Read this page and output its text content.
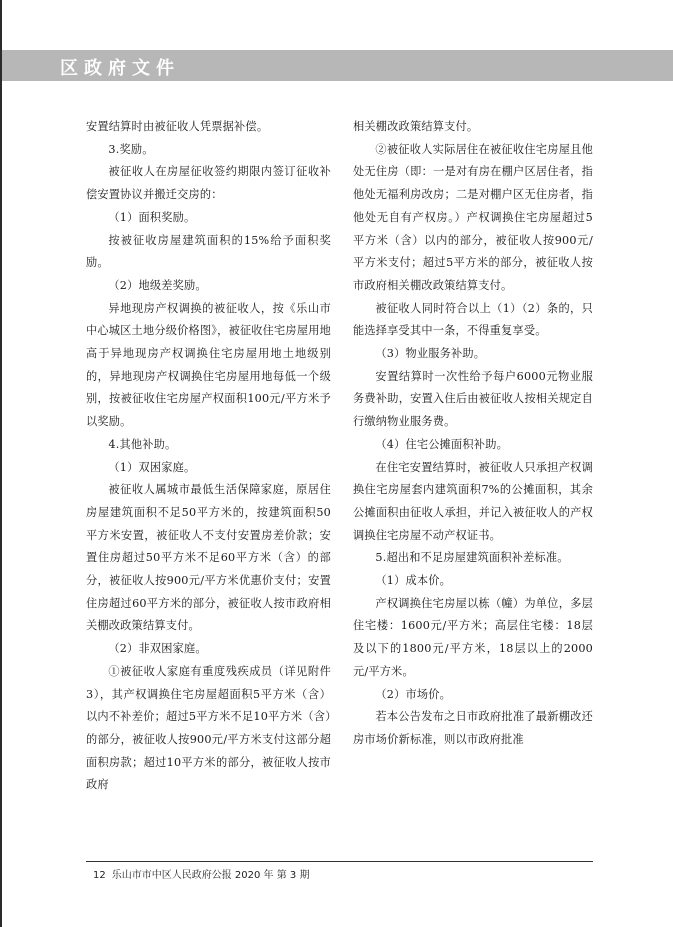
区政府文件

安置结算时由被征收人凭票据补偿。

3.奖励。

被征收人在房屋征收签约期限内签订征收补偿安置协议并搬迁交房的：

（1）面积奖励。

按被征收房屋建筑面积的15%给予面积奖励。

（2）地级差奖励。

异地现房产权调换的被征收人，按《乐山市中心城区土地分级价格图》，被征收住宅房屋用地高于异地现房产权调换住宅房屋用地土地级别的，异地现房产权调换住宅房屋用地每低一个级别，按被征收住宅房屋产权面积100元/平方米予以奖励。

4.其他补助。

（1）双困家庭。

被征收人属城市最低生活保障家庭，原居住房屋建筑面积不足50平方米的，按建筑面积50平方米安置，被征收人不支付安置房差价款；安置住房超过50平方米不足60平方米（含）的部分，被征收人按900元/平方米优惠价支付；安置住房超过60平方米的部分，被征收人按市政府相关棚改政策结算支付。

（2）非双困家庭。

①被征收人家庭有重度残疾成员（详见附件3），其产权调换住宅房屋超面积5平方米（含）以内不补差价；超过5平方米不足10平方米（含）的部分，被征收人按900元/平方米支付这部分超面积房款；超过10平方米的部分，被征收人按市政府

相关棚改政策结算支付。

②被征收人实际居住在被征收住宅房屋且他处无住房（即：一是对有房在棚户区居住者，指他处无福利房改房；二是对棚户区无住房者，指他处无自有产权房。）产权调换住宅房屋超过5平方米（含）以内的部分，被征收人按900元/平方米支付；超过5平方米的部分，被征收人按市政府相关棚改政策结算支付。

被征收人同时符合以上（1）（2）条的，只能选择享受其中一条，不得重复享受。

（3）物业服务补助。

安置结算时一次性给予每户6000元物业服务费补助，安置入住后由被征收人按相关规定自行缴纳物业服务费。

（4）住宅公摊面积补助。

在住宅安置结算时，被征收人只承担产权调换住宅房屋套内建筑面积7%的公摊面积，其余公摊面积由征收人承担，并记入被征收人的产权调换住宅房屋不动产权证书。

5.超出和不足房屋建筑面积补差标准。

（1）成本价。

产权调换住宅房屋以栋（幢）为单位，多层住宅楼：1600元/平方米；高层住宅楼：18层及以下的1800元/平方米，18层以上的2000元/平方米。

（2）市场价。

若本公告发布之日市政府批准了最新棚改还房市场价新标准，则以市政府批准

12 乐山市市中区人民政府公报 2020 年 第 3 期
